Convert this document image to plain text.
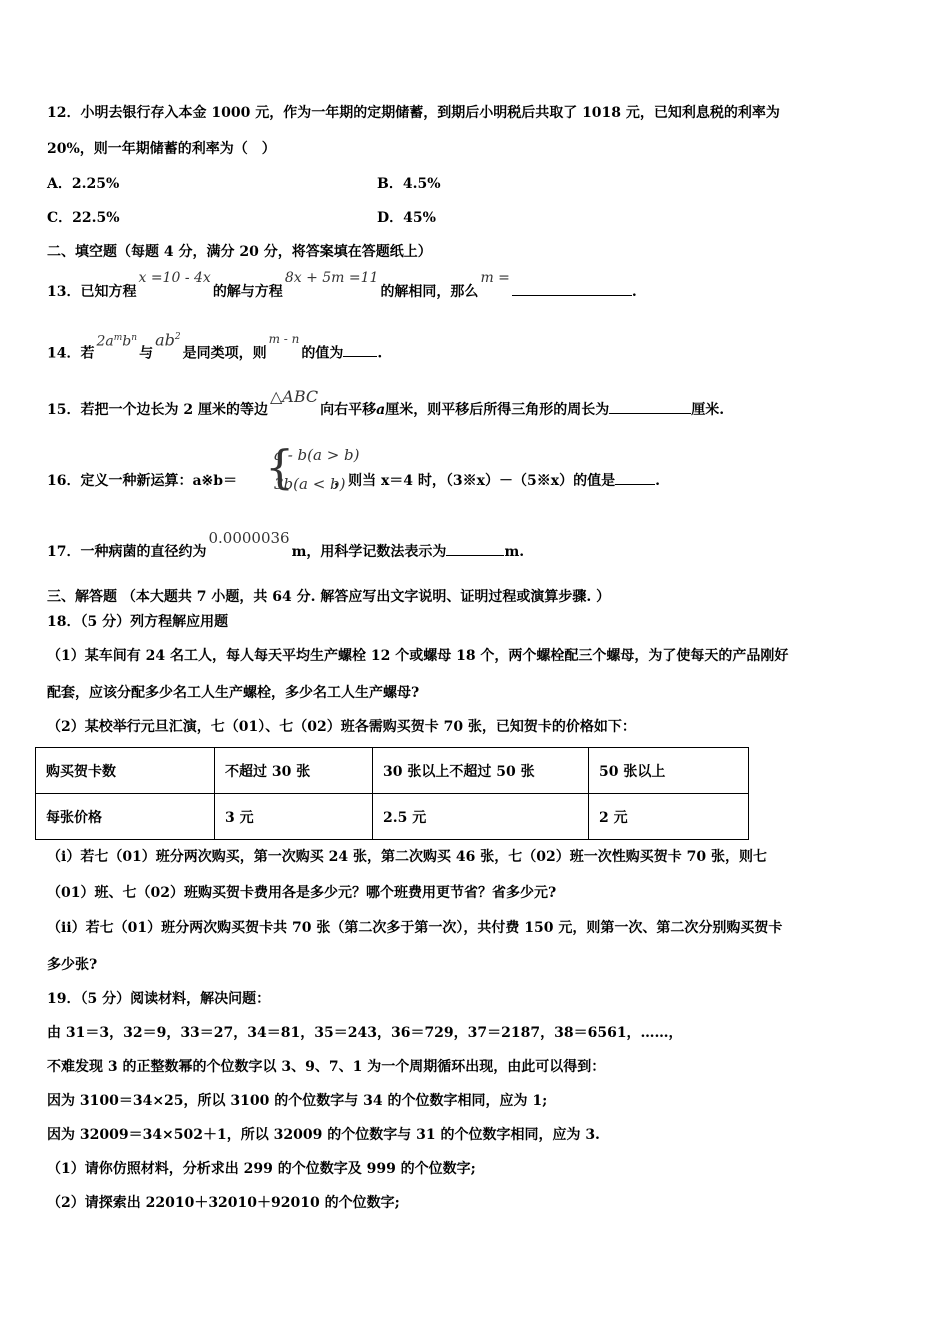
12．小明去银行存入本金 1000 元，作为一年期的定期储蓄，到期后小明税后共取了 1018 元，已知利息税的利率为
20%，则一年期储蓄的利率为（　）
A．2.25%	B．4.5%
C．22.5%	D．45%
二、填空题（每题 4 分，满分 20 分，将答案填在答题纸上）
13．已知方程x =10 - 4x的解与方程8x + 5m =11的解相同，那么m =.
14．若$2a^mb^n$与$ab^2$是同类项，则m - n的值为 .
15．若把一个边长为 2 厘米的等边△ABC向右平移a厘米，则平移后所得三角形的周长为	厘米.
16．定义一种新运算：a※b＝	，则当 x＝4 时，（3※x）－（5※x）的值是	.
{
a - b(a > b)
3b(a < b)
17．一种病菌的直径约为0.0000036m，用科学记数法表示为	m.
三、解答题 （本大题共 7 小题，共 64 分. 解答应写出文字说明、证明过程或演算步骤. ）
18．（5 分）列方程解应用题
（1）某车间有 24 名工人，每人每天平均生产螺栓 12 个或螺母 18 个，两个螺栓配三个螺母，为了使每天的产品刚好
配套，应该分配多少名工人生产螺栓，多少名工人生产螺母?
（2）某校举行元旦汇演，七（01）、七（02）班各需购买贺卡 70 张，已知贺卡的价格如下：
购买贺卡数	不超过 30 张	30 张以上不超过 50 张	50 张以上
每张价格	3 元	2.5 元	2 元
（i）若七（01）班分两次购买，第一次购买 24 张，第二次购买 46 张，七（02）班一次性购买贺卡 70 张，则七
（01）班、七（02）班购买贺卡费用各是多少元？哪个班费用更节省？省多少元?
（ⅱ）若七（01）班分两次购买贺卡共 70 张（第二次多于第一次），共付费 150 元，则第一次、第二次分别购买贺卡
多少张?
19．（5 分）阅读材料，解决问题：
由 31＝3，32＝9，33＝27，34＝81，35＝243，36＝729，37＝2187，38＝6561，……，
不难发现 3 的正整数幂的个位数字以 3、9、7、1 为一个周期循环出现，由此可以得到：
因为 3100＝34×25，所以 3100 的个位数字与 34 的个位数字相同，应为 1;
因为 32009＝34×502＋1，所以 32009 的个位数字与 31 的个位数字相同，应为 3.
（1）请你仿照材料，分析求出 299 的个位数字及 999 的个位数字;
（2）请探索出 22010＋32010＋92010 的个位数字;
